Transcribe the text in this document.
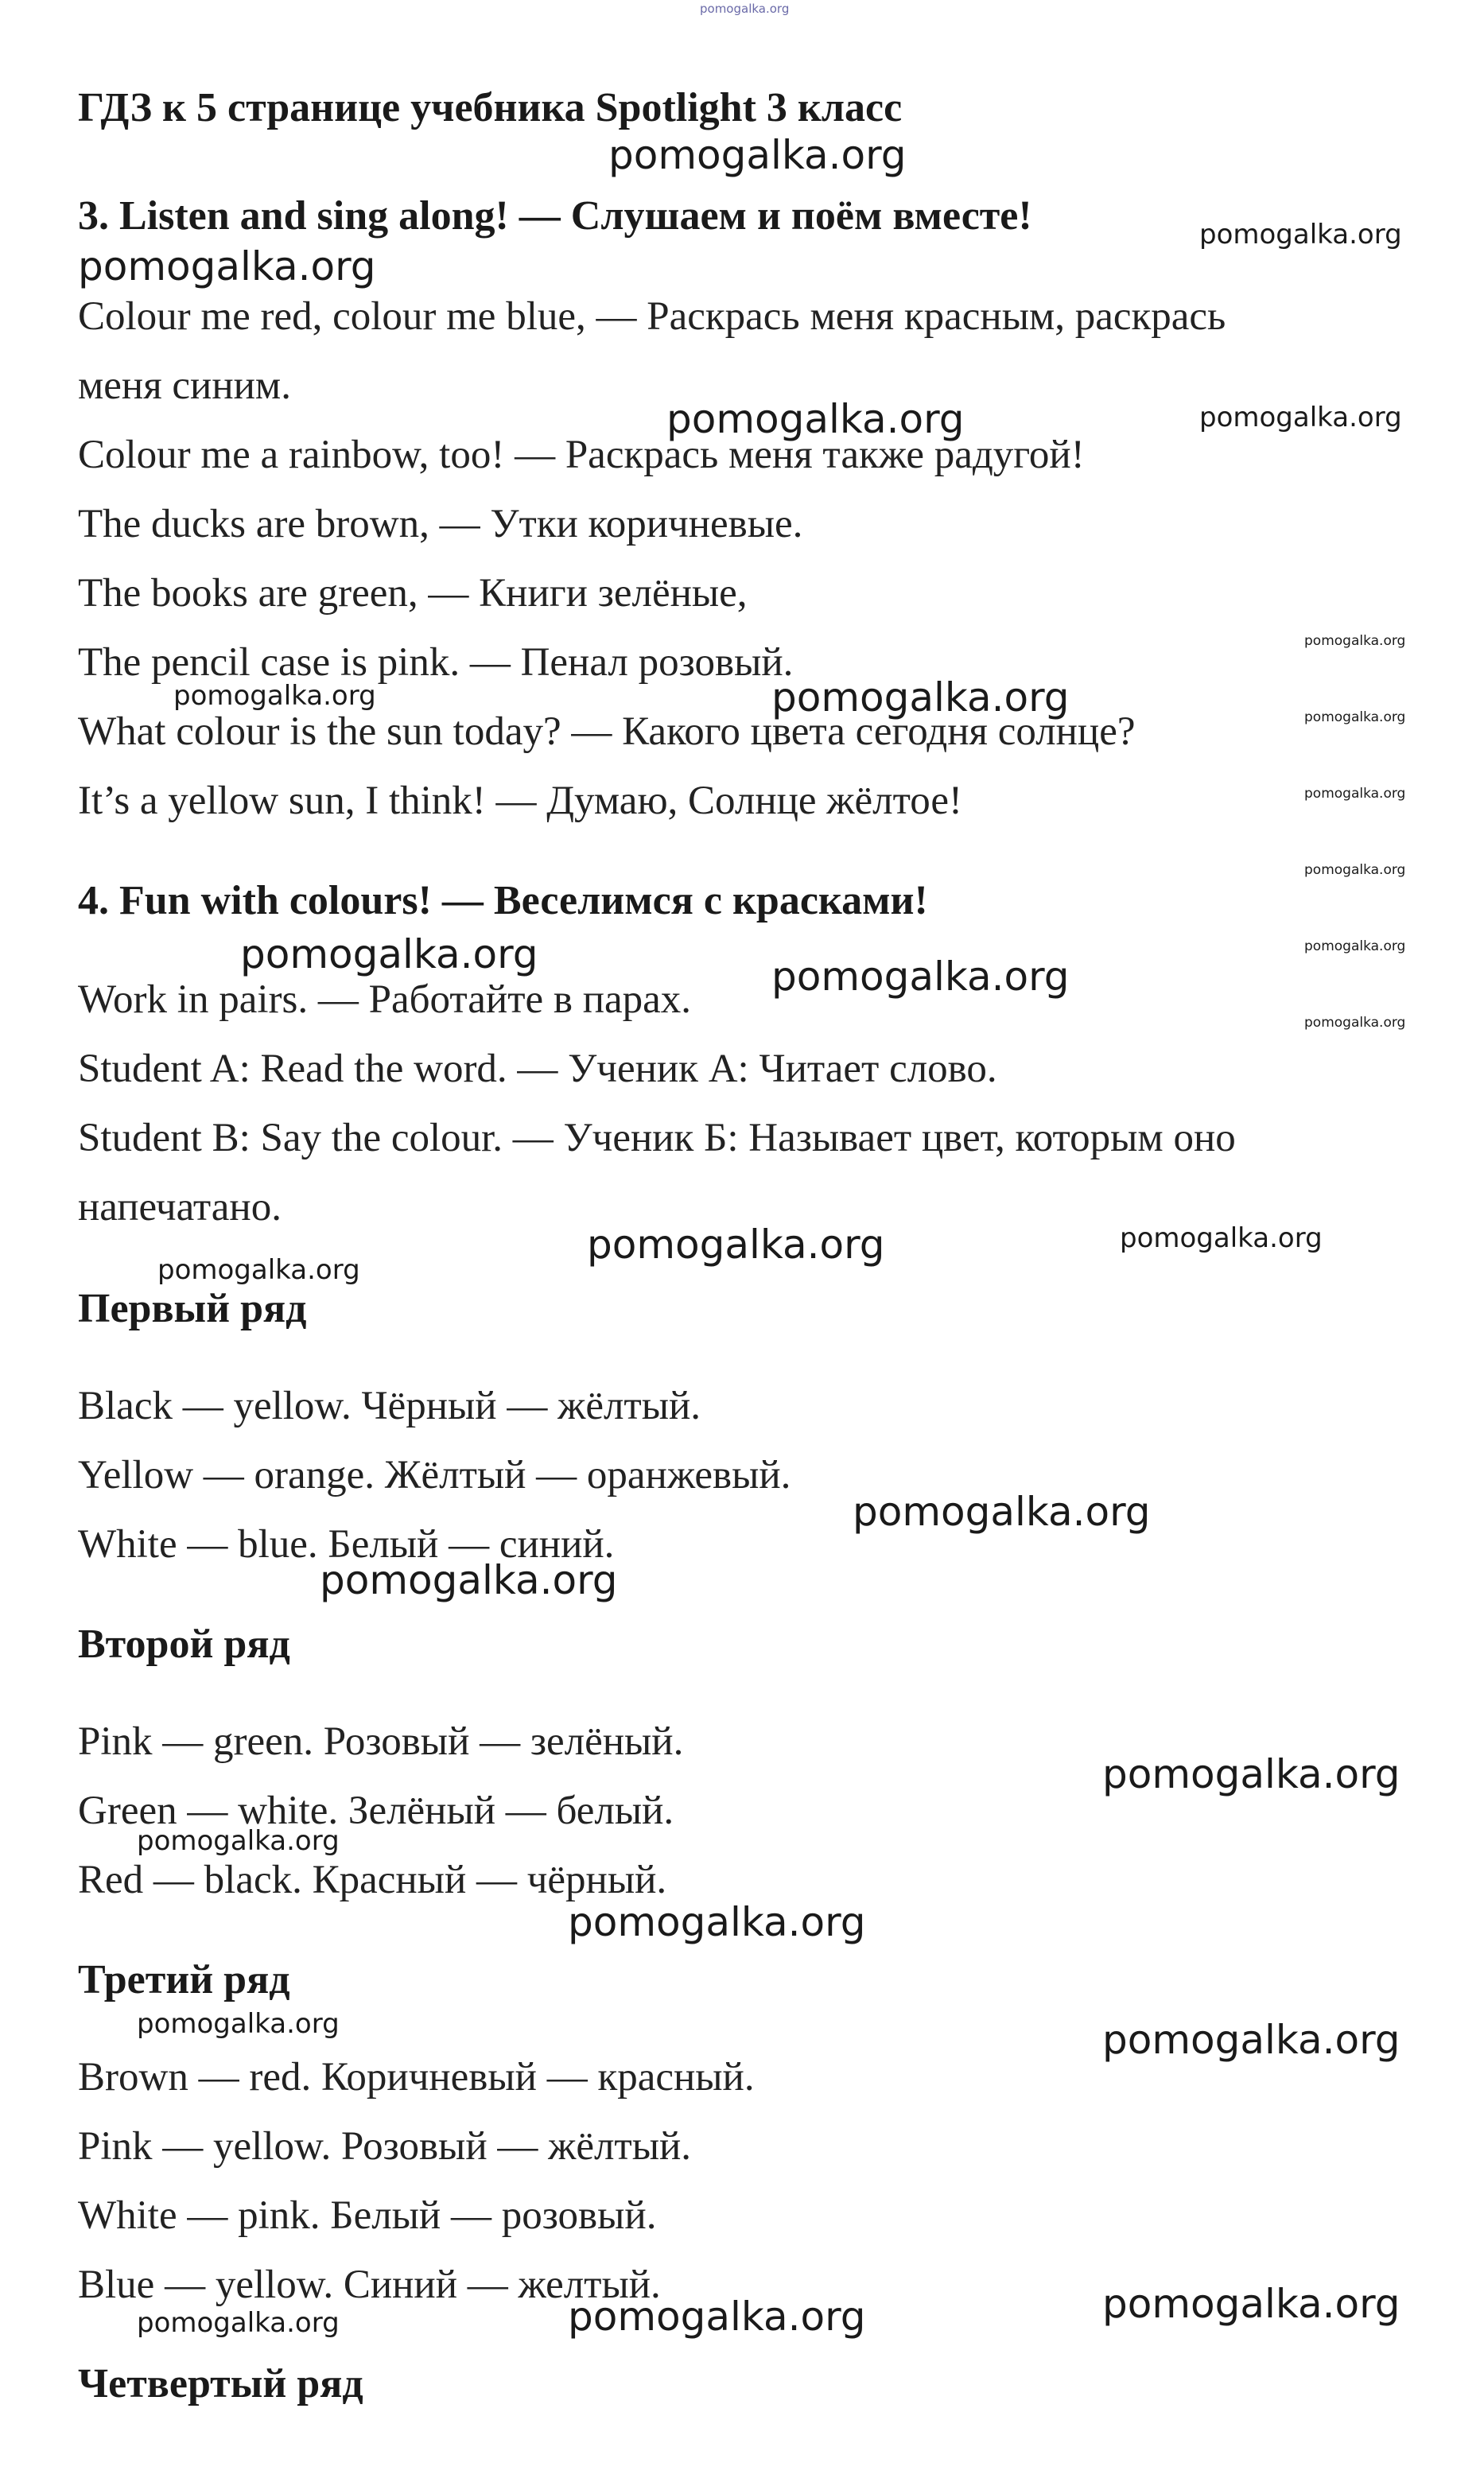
pomogalka.org
ГДЗ к 5 странице учебника Spotlight 3 класс
3. Listen and sing along! — Слушаем и поём вместе!
Colour me red, colour me blue, — Раскрась меня красным, раскрась
меня синим.
Colour me a rainbow, too! — Раскрась меня также радугой!
The ducks are brown, — Утки коричневые.
The books are green, — Книги зелёные,
The pencil case is pink. — Пенал розовый.
What colour is the sun today? — Какого цвета сегодня солнце?
It’s a yellow sun, I think! — Думаю, Солнце жёлтое!
4. Fun with colours! — Веселимся с красками!
Work in pairs. — Работайте в парах.
Student A: Read the word. — Ученик А: Читает слово.
Student B: Say the colour. — Ученик Б: Называет цвет, которым оно
напечатано.
Первый ряд
Black — yellow. Чёрный — жёлтый.
Yellow — orange. Жёлтый — оранжевый.
White — blue. Белый — синий.
Второй ряд
Pink — green. Розовый — зелёный.
Green — white. Зелёный — белый.
Red — black. Красный — чёрный.
Третий ряд
Brown — red. Коричневый — красный.
Pink — yellow. Розовый — жёлтый.
White — pink. Белый — розовый.
Blue — yellow. Синий — желтый.
Четвертый ряд
pomogalka.org
pomogalka.org
pomogalka.org
pomogalka.org	pomogalka.org
pomogalka.org
pomogalka.org	pomogalka.org	pomogalka.org
pomogalka.org
pomogalka.org
pomogalka.org
pomogalka.org	pomogalka.org
pomogalka.org
pomogalka.org	pomogalka.org
pomogalka.org
pomogalka.org
pomogalka.org
pomogalka.org
pomogalka.org
pomogalka.org
pomogalka.org	pomogalka.org
pomogalka.org
pomogalka.org	pomogalka.org
